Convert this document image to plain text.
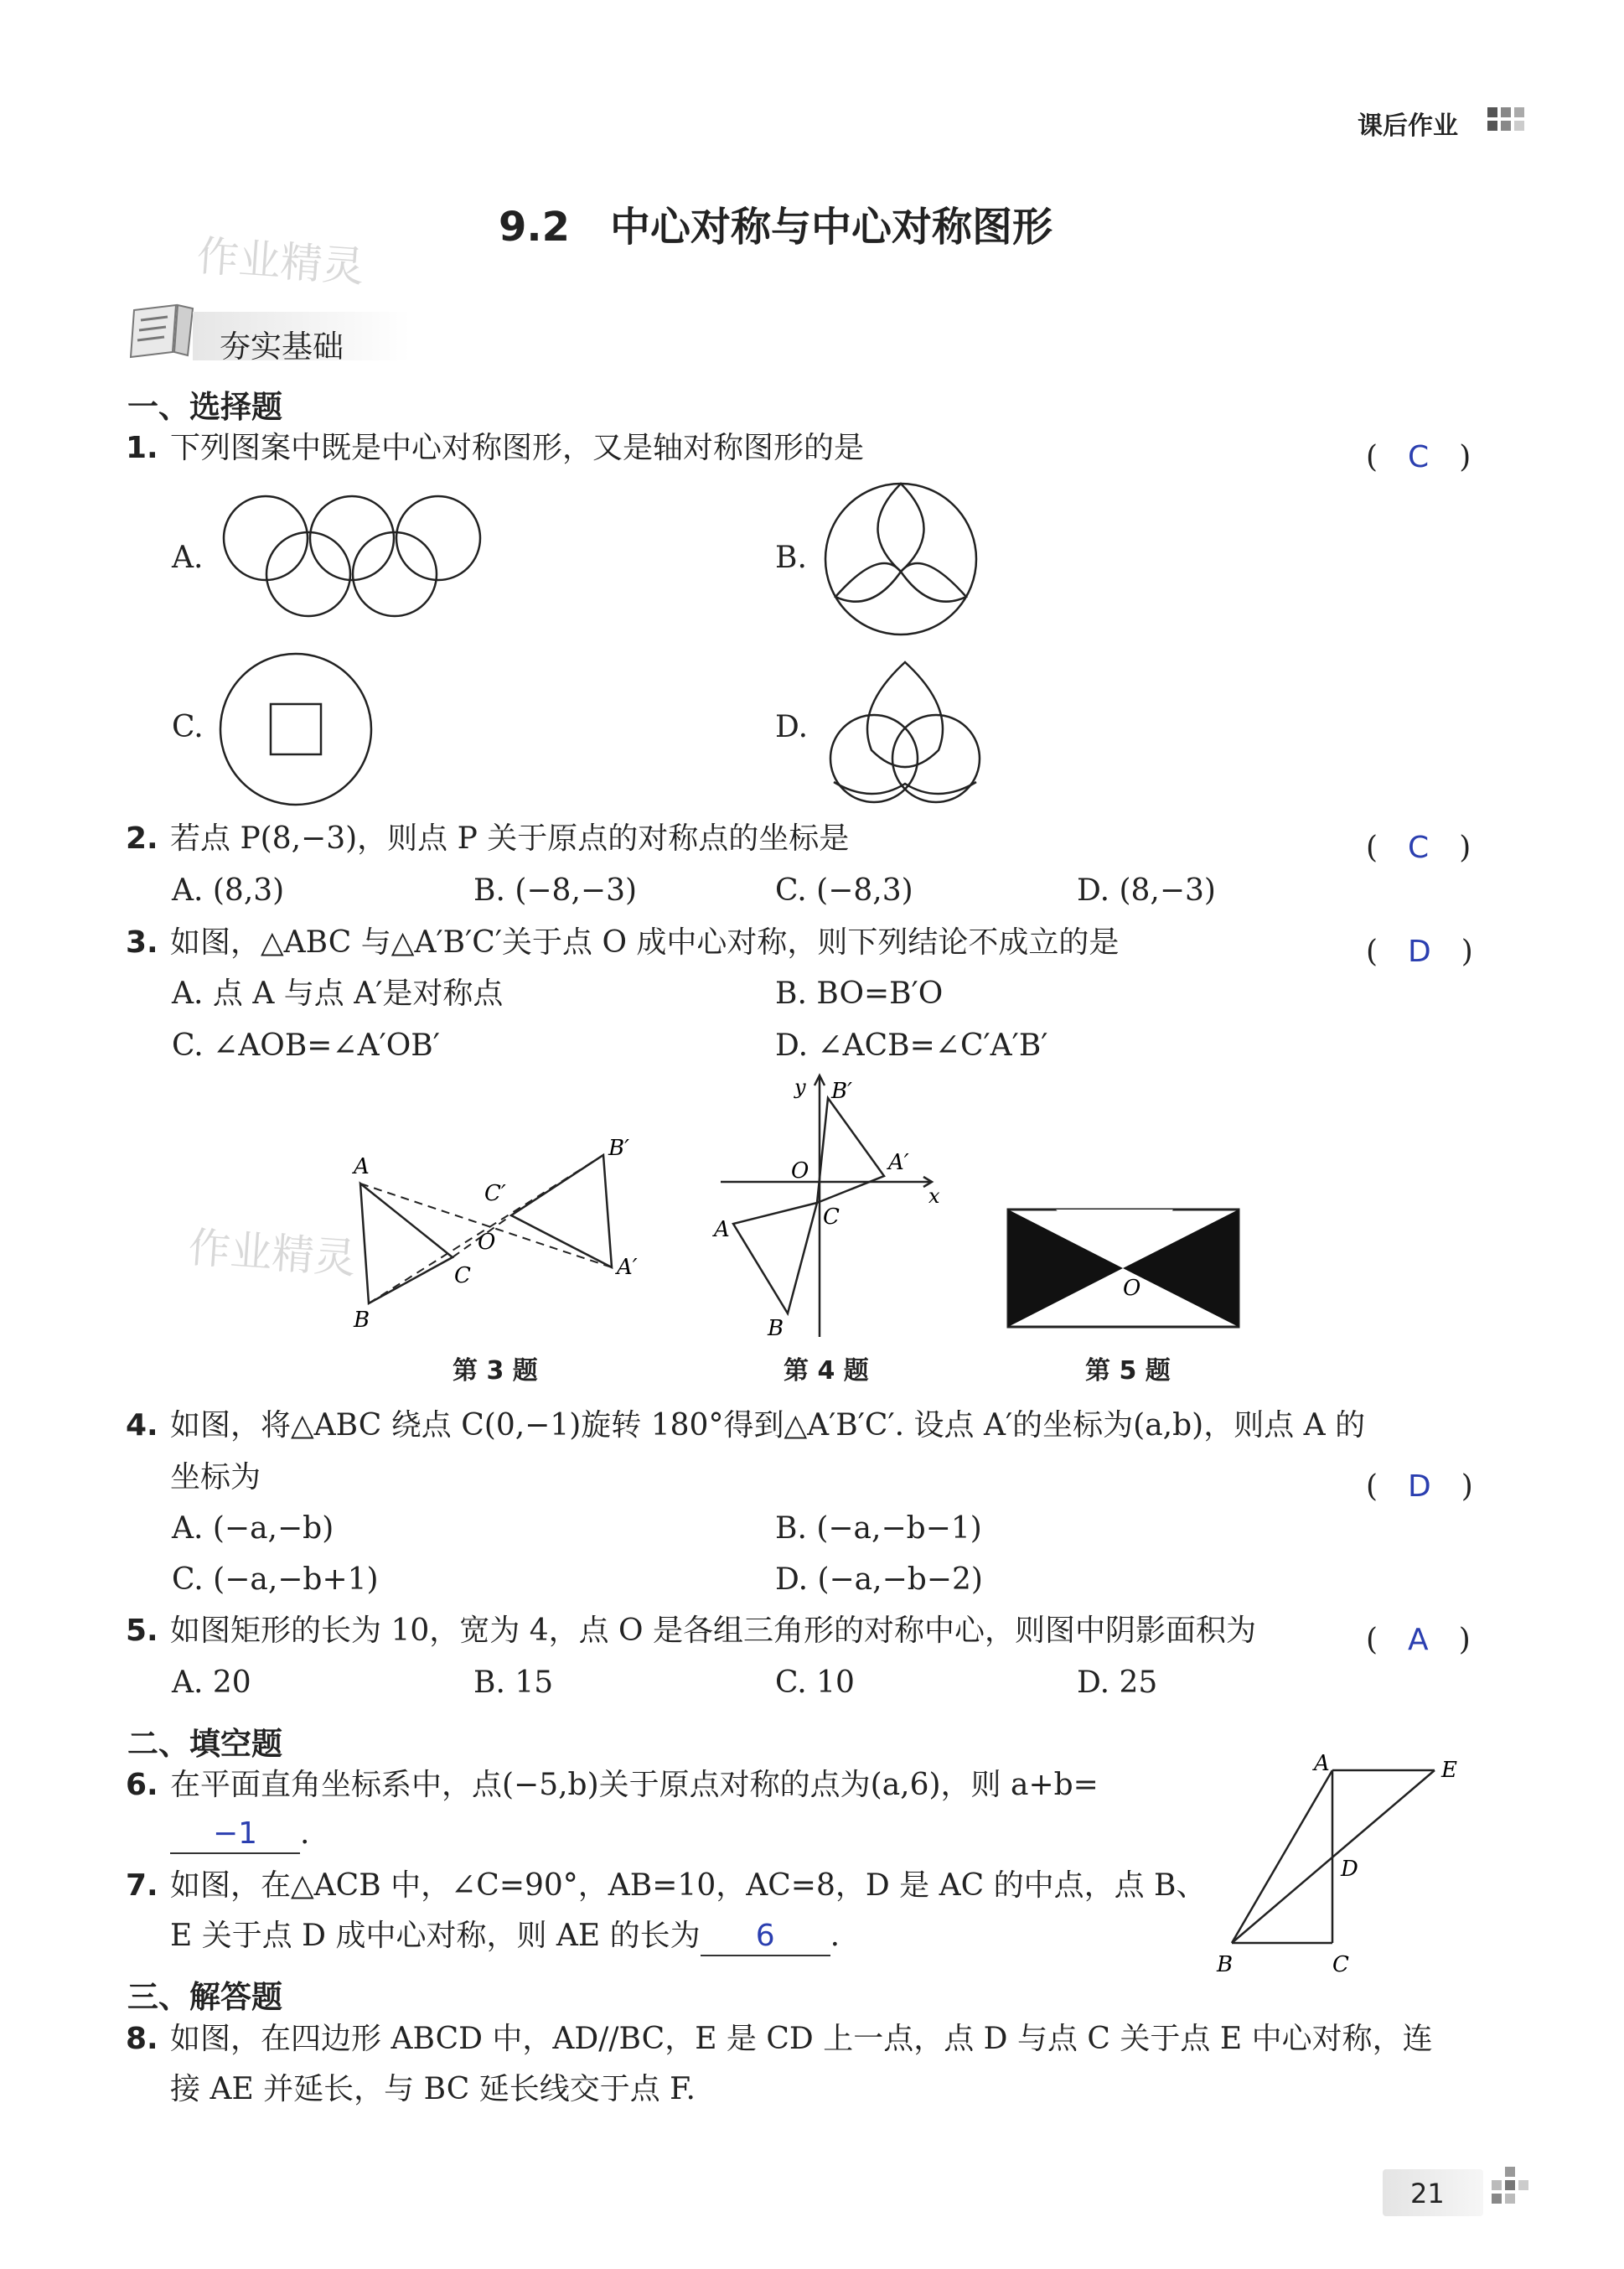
课后作业
9.2　中心对称与中心对称图形
作业精灵
夯实基础
一、选择题
1. 下列图案中既是中心对称图形，又是轴对称图形的是	(　C　)
A.	B.
C.	D.
2. 若点 P(8,−3)，则点 P 关于原点的对称点的坐标是	(　C　)
A. (8,3)	B. (−8,−3)	C. (−8,3)	D. (8,−3)
3. 如图，△ABC 与△A′B′C′关于点 O 成中心对称，则下列结论不成立的是	(　D　)
A. 点 A 与点 A′是对称点	B. BO=B′O
C. ∠AOB=∠A′OB′	D. ∠ACB=∠C′A′B′
A
B
C
O
C′
B′
A′
作业精灵
第 3 题
y
x
O
B′
A′
C
A
B
第 4 题
O
第 5 题
4. 如图，将△ABC 绕点 C(0,−1)旋转 180°得到△A′B′C′. 设点 A′的坐标为(a,b)，则点 A 的
坐标为	(　D　)
A. (−a,−b)	B. (−a,−b−1)
C. (−a,−b+1)	D. (−a,−b−2)
5. 如图矩形的长为 10，宽为 4，点 O 是各组三角形的对称中心，则图中阴影面积为	(　A　)
A. 20	B. 15	C. 10	D. 25
二、填空题
6. 在平面直角坐标系中，点(−5,b)关于原点对称的点为(a,6)，则 a+b=
−1 .
7. 如图，在△ACB 中，∠C=90°，AB=10，AC=8，D 是 AC 的中点，点 B、
E 关于点 D 成中心对称，则 AE 的长为 6 .
A	E
D
B	C
三、解答题
8. 如图，在四边形 ABCD 中，AD//BC，E 是 CD 上一点，点 D 与点 C 关于点 E 中心对称，连
接 AE 并延长，与 BC 延长线交于点 F.
21
